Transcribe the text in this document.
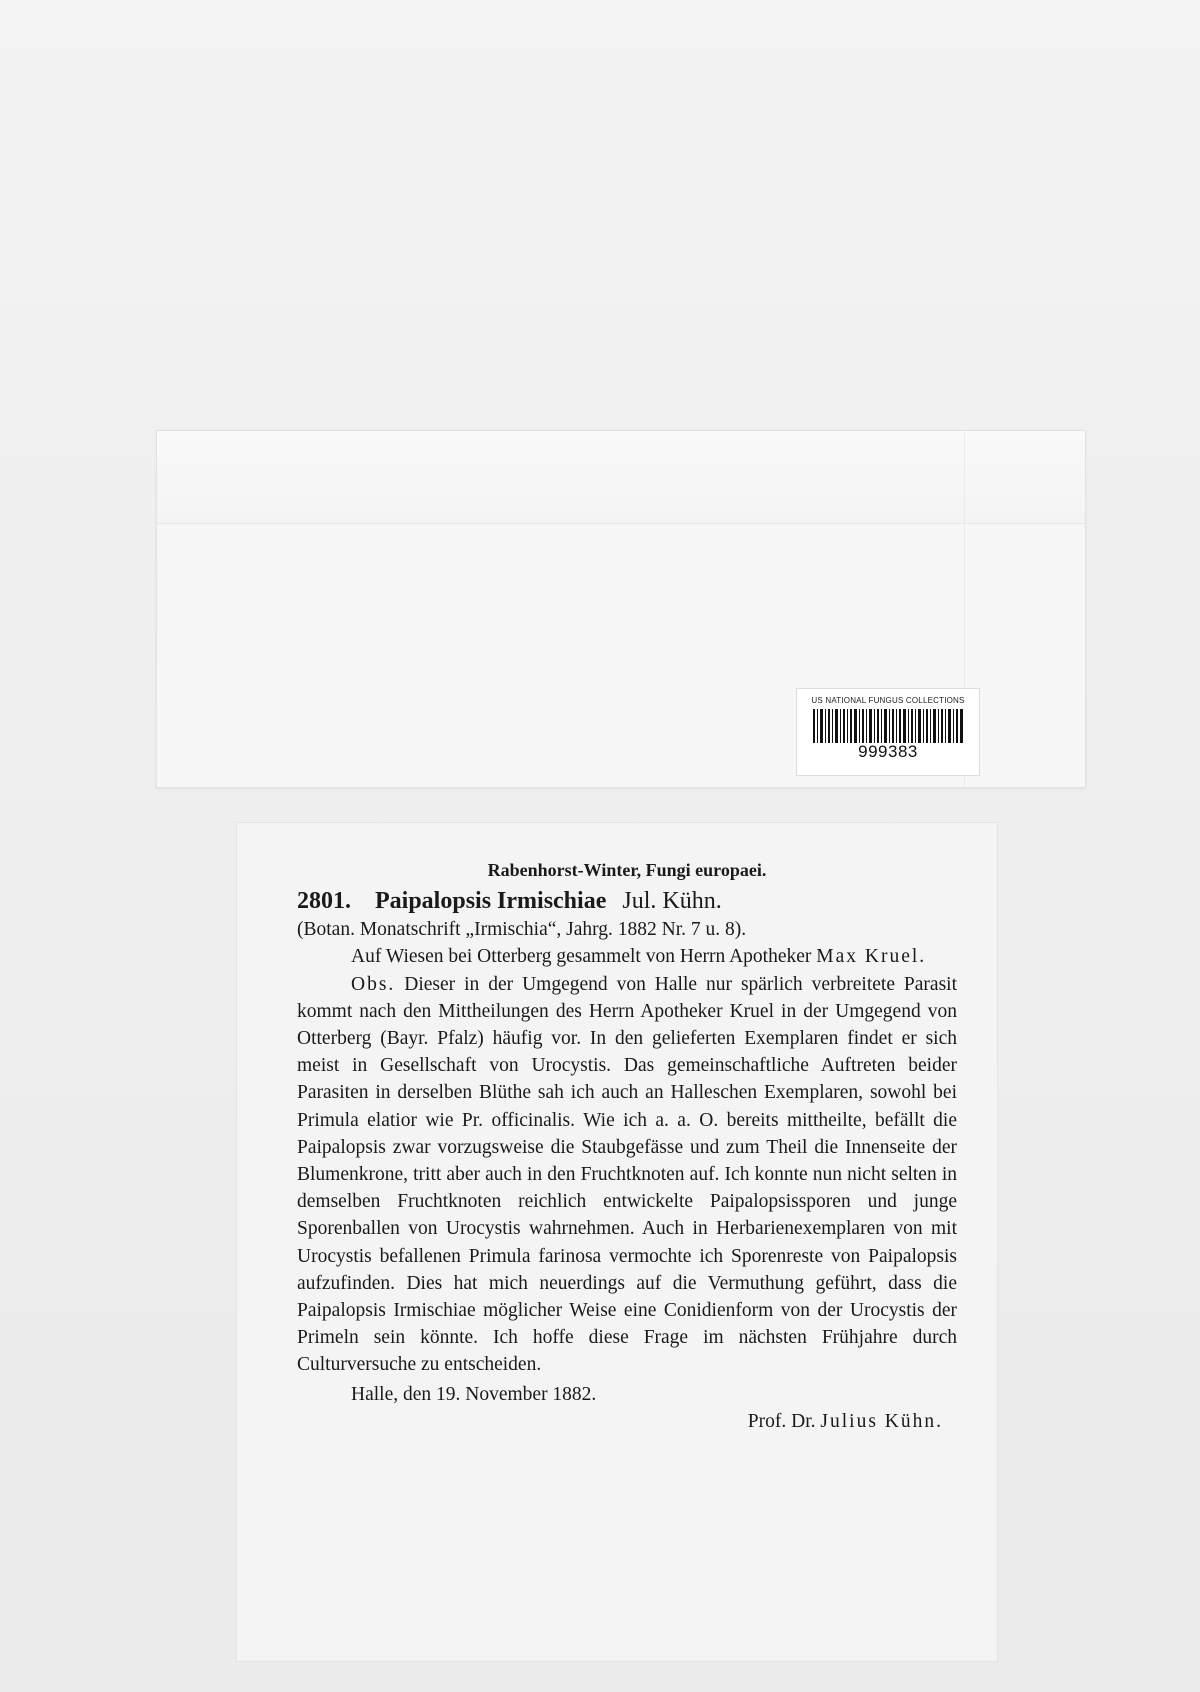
US NATIONAL FUNGUS COLLECTIONS
999383
Rabenhorst-Winter, Fungi europaei.
2801. Paipalopsis Irmischiae Jul. Kühn.
(Botan. Monatschrift „Irmischia“, Jahrg. 1882 Nr. 7 u. 8).
Auf Wiesen bei Otterberg gesammelt von Herrn Apotheker Max Kruel.
Obs. Dieser in der Umgegend von Halle nur spärlich verbreitete Parasit kommt nach den Mittheilungen des Herrn Apotheker Kruel in der Umgegend von Otterberg (Bayr. Pfalz) häufig vor. In den gelieferten Exemplaren findet er sich meist in Gesellschaft von Urocystis. Das gemeinschaftliche Auftreten beider Parasiten in derselben Blüthe sah ich auch an Halleschen Exemplaren, sowohl bei Primula elatior wie Pr. officinalis. Wie ich a. a. O. bereits mittheilte, befällt die Paipalopsis zwar vorzugsweise die Staubgefässe und zum Theil die Innenseite der Blumenkrone, tritt aber auch in den Fruchtknoten auf. Ich konnte nun nicht selten in demselben Fruchtknoten reichlich entwickelte Paipalopsissporen und junge Sporenballen von Urocystis wahrnehmen. Auch in Herbarienexemplaren von mit Urocystis befallenen Primula farinosa vermochte ich Sporenreste von Paipalopsis aufzufinden. Dies hat mich neuerdings auf die Vermuthung geführt, dass die Paipalopsis Irmischiae möglicher Weise eine Conidienform von der Urocystis der Primeln sein könnte. Ich hoffe diese Frage im nächsten Frühjahre durch Culturversuche zu entscheiden.
Halle, den 19. November 1882.
Prof. Dr. Julius Kühn.
